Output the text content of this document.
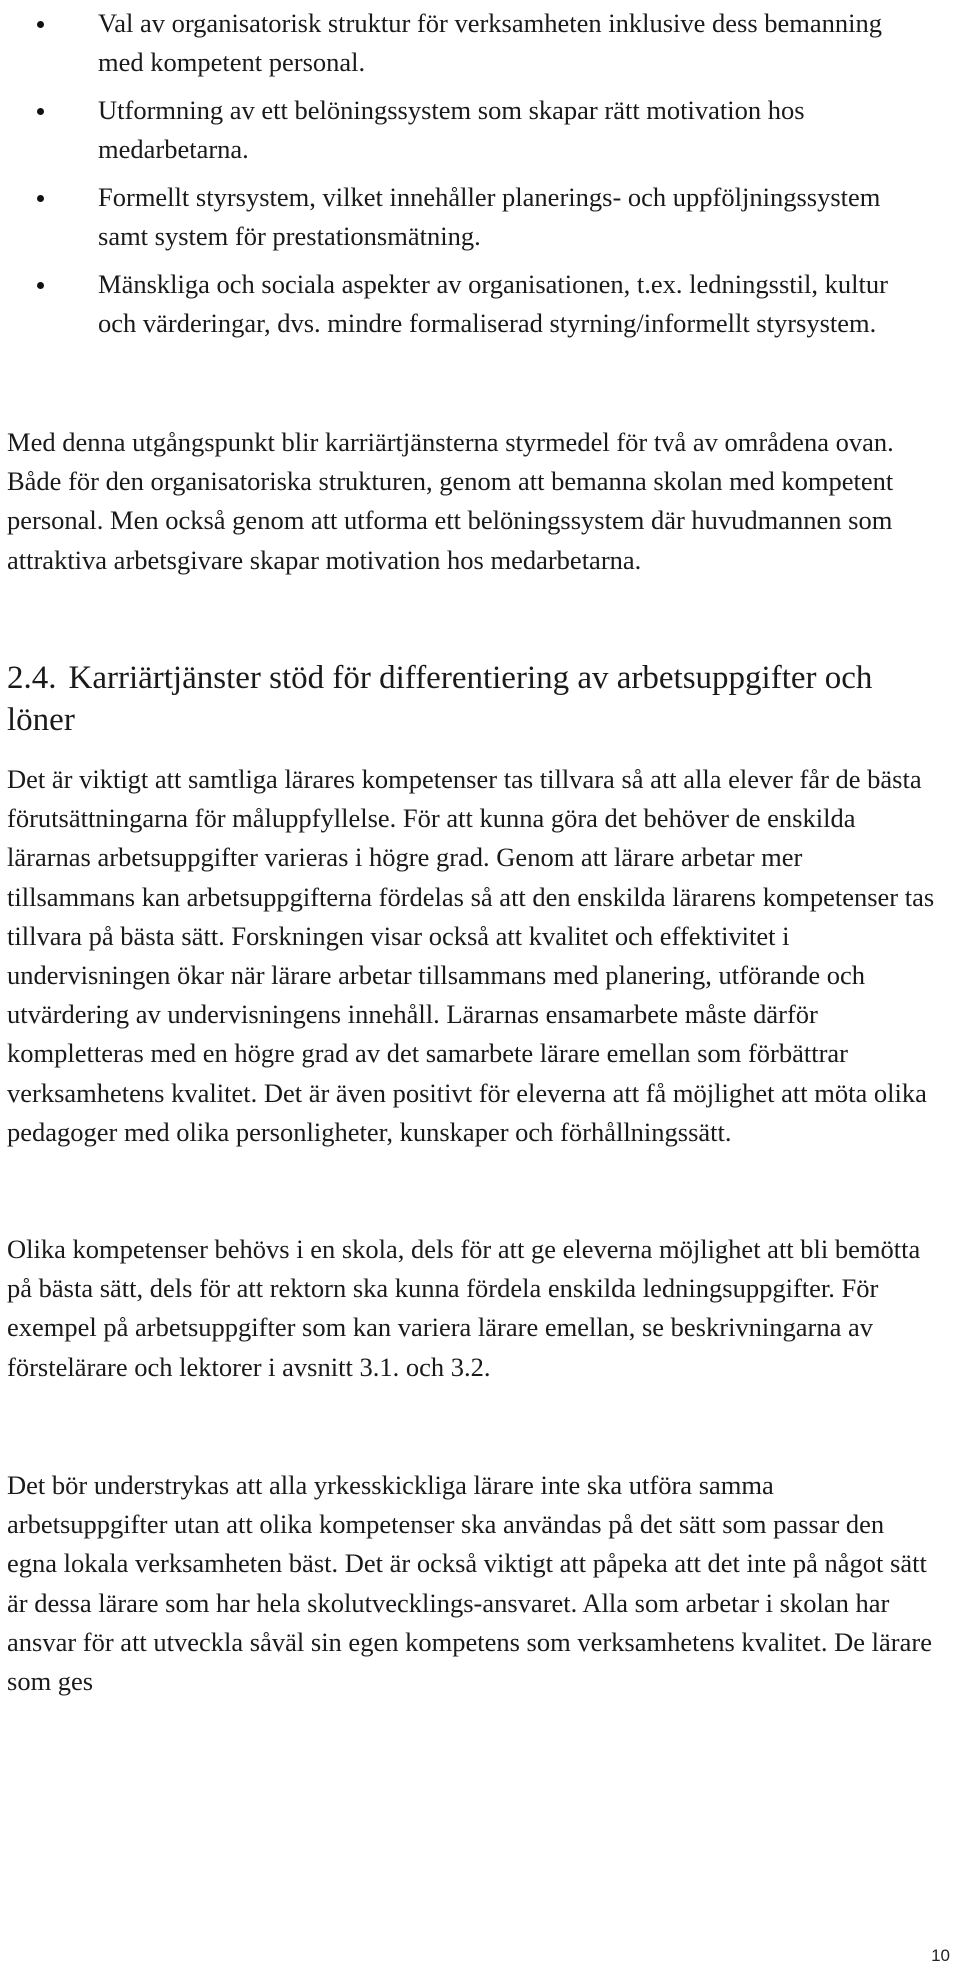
Val av organisatorisk struktur för verksamheten inklusive dess bemanning med kompetent personal.
Utformning av ett belöningssystem som skapar rätt motivation hos medarbetarna.
Formellt styrsystem, vilket innehåller planerings- och uppföljningssystem samt system för prestationsmätning.
Mänskliga och sociala aspekter av organisationen, t.ex. ledningsstil, kultur och värderingar, dvs. mindre formaliserad styrning/informellt styrsystem.

Med denna utgångspunkt blir karriärtjänsterna styrmedel för två av områdena ovan. Både för den organisatoriska strukturen, genom att bemanna skolan med kompetent personal. Men också genom att utforma ett belöningssystem där huvudmannen som attraktiva arbetsgivare skapar motivation hos medarbetarna.

2.4. Karriärtjänster stöd för differentiering av arbetsuppgifter och löner

Det är viktigt att samtliga lärares kompetenser tas tillvara så att alla elever får de bästa förutsättningarna för måluppfyllelse. För att kunna göra det behöver de enskilda lärarnas arbetsuppgifter varieras i högre grad. Genom att lärare arbetar mer tillsammans kan arbetsuppgifterna fördelas så att den enskilda lärarens kompetenser tas tillvara på bästa sätt. Forskningen visar också att kvalitet och effektivitet i undervisningen ökar när lärare arbetar tillsammans med planering, utförande och utvärdering av undervisningens innehåll. Lärarnas ensamarbete måste därför kompletteras med en högre grad av det samarbete lärare emellan som förbättrar verksamhetens kvalitet. Det är även positivt för eleverna att få möjlighet att möta olika pedagoger med olika personligheter, kunskaper och förhållningssätt.

Olika kompetenser behövs i en skola, dels för att ge eleverna möjlighet att bli bemötta på bästa sätt, dels för att rektorn ska kunna fördela enskilda ledningsuppgifter. För exempel på arbetsuppgifter som kan variera lärare emellan, se beskrivningarna av förstelärare och lektorer i avsnitt 3.1. och 3.2.

Det bör understrykas att alla yrkesskickliga lärare inte ska utföra samma arbetsuppgifter utan att olika kompetenser ska användas på det sätt som passar den egna lokala verksamheten bäst. Det är också viktigt att påpeka att det inte på något sätt är dessa lärare som har hela skolutvecklings-ansvaret. Alla som arbetar i skolan har ansvar för att utveckla såväl sin egen kompetens som verksamhetens kvalitet. De lärare som ges

10
